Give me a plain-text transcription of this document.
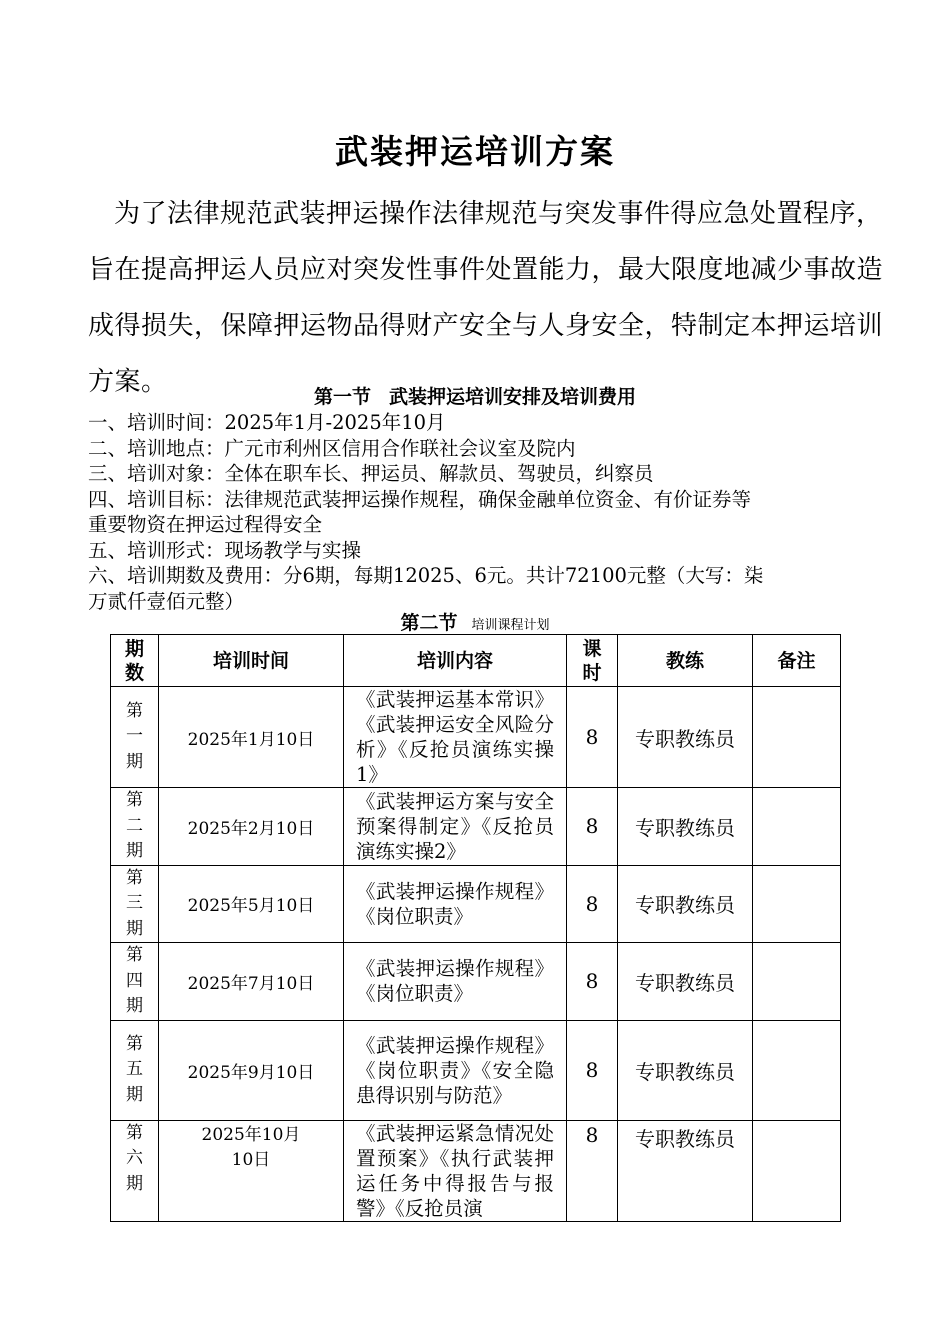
武装押运培训方案
为了法律规范武装押运操作法律规范与突发事件得应急处置程序，
旨在提高押运人员应对突发性事件处置能力，最大限度地减少事故造
成得损失，保障押运物品得财产安全与人身安全，特制定本押运培训
方案。	第一节 武装押运培训安排及培训费用
一、培训时间：2025年1月-2025年10月
二、培训地点：广元市利州区信用合作联社会议室及院内
三、培训对象：全体在职车长、押运员、解款员、驾驶员，纠察员
四、培训目标：法律规范武装押运操作规程，确保金融单位资金、有价证券等
重要物资在押运过程得安全
五、培训形式：现场教学与实操
六、培训期数及费用：分6期，每期12025、6元。共计72100元整（大写：柒
万贰仟壹佰元整）
第二节 培训课程计划
期数	培训时间	培训内容	课时	教练	备注
第一期	2025年1月10日	《武装押运基本常识》《武装押运安全风险分析》《反抢员演练实操1》	8	专职教练员	
第二期	2025年2月10日	《武装押运方案与安全预案得制定》《反抢员演练实操2》	8	专职教练员	
第三期	2025年5月10日	《武装押运操作规程》《岗位职责》	8	专职教练员	
第四期	2025年7月10日	《武装押运操作规程》《岗位职责》	8	专职教练员	
第五期	2025年9月10日	《武装押运操作规程》《岗位职责》《安全隐患得识别与防范》	8	专职教练员	
第六期	2025年10月10日	《武装押运紧急情况处置预案》《执行武装押运任务中得报告与报警》《反抢员演	8	专职教练员	
